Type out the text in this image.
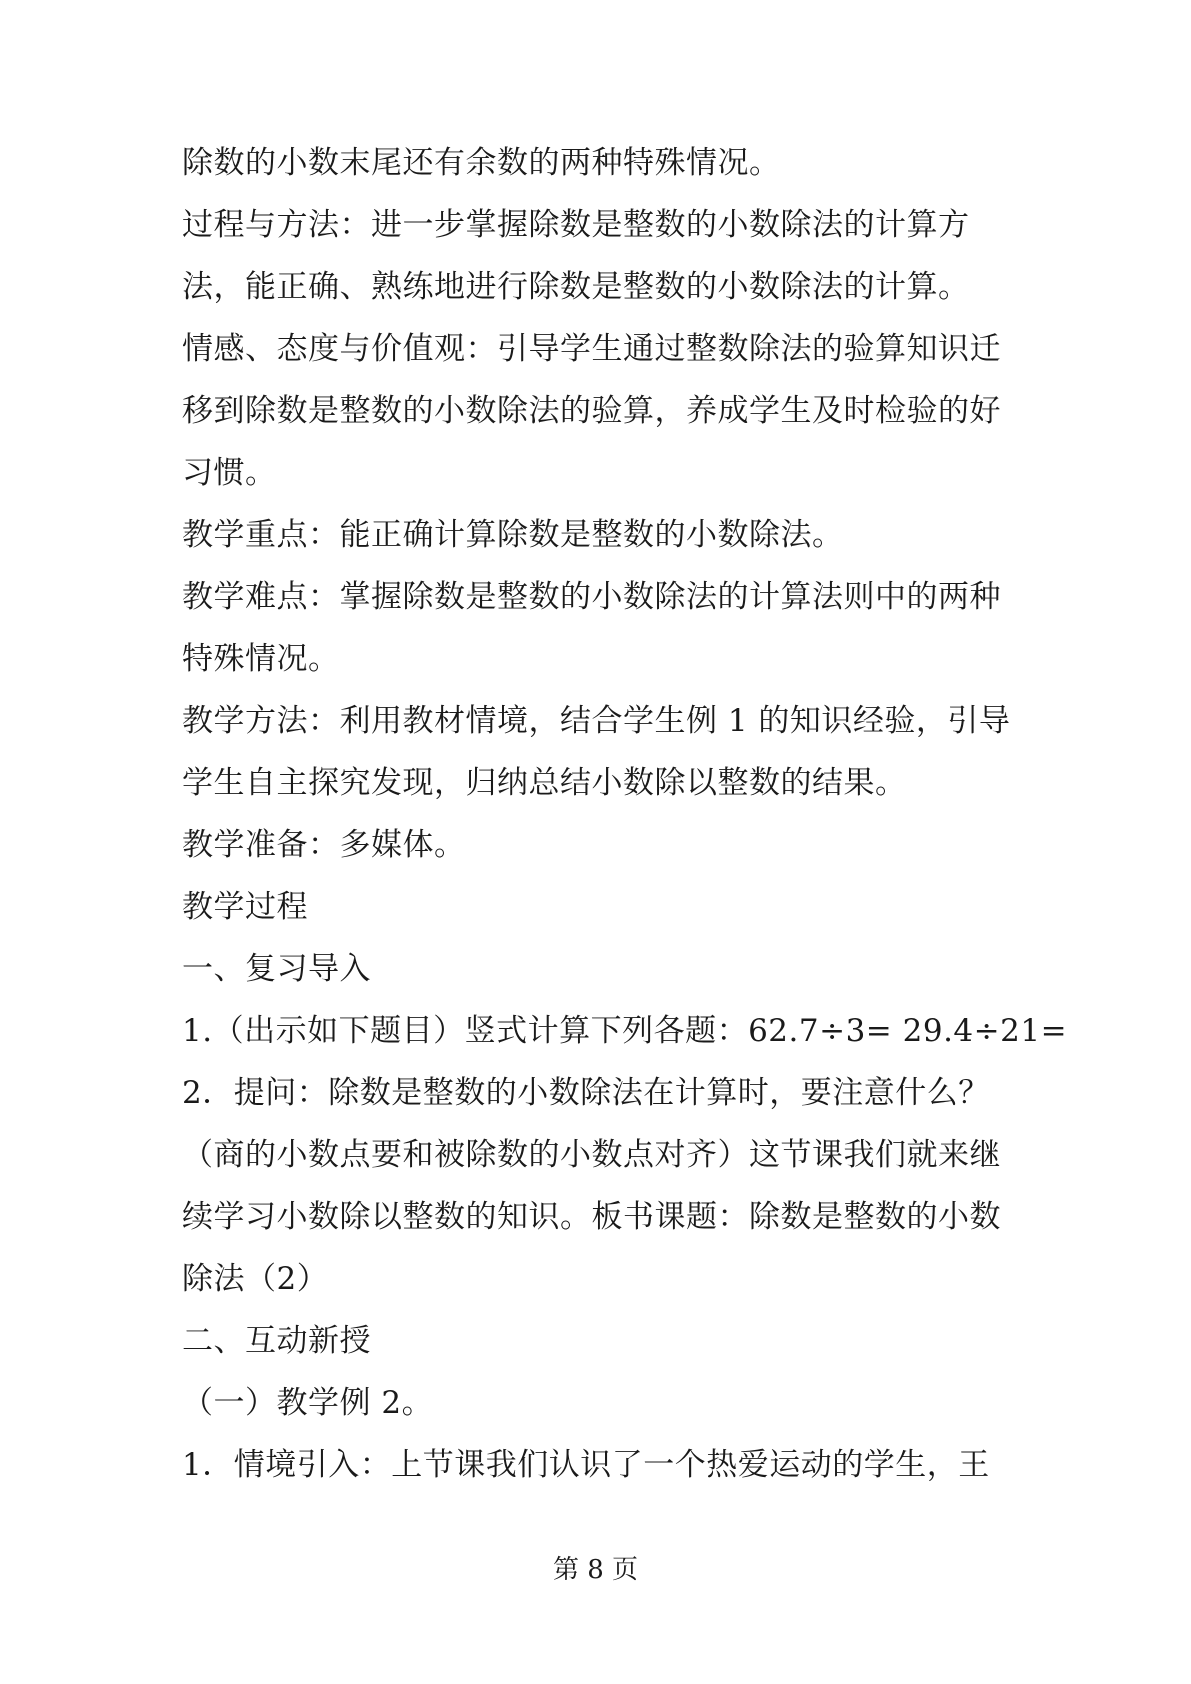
除数的小数末尾还有余数的两种特殊情况。
过程与方法：进一步掌握除数是整数的小数除法的计算方
法，能正确、熟练地进行除数是整数的小数除法的计算。
情感、态度与价值观：引导学生通过整数除法的验算知识迁
移到除数是整数的小数除法的验算，养成学生及时检验的好
习惯。
教学重点：能正确计算除数是整数的小数除法。
教学难点：掌握除数是整数的小数除法的计算法则中的两种
特殊情况。
教学方法：利用教材情境，结合学生例 1 的知识经验，引导
学生自主探究发现，归纳总结小数除以整数的结果。
教学准备：多媒体。
教学过程
一、复习导入
1.（出示如下题目）竖式计算下列各题：62.7÷3= 29.4÷21=
2．提问：除数是整数的小数除法在计算时，要注意什么？
（商的小数点要和被除数的小数点对齐）这节课我们就来继
续学习小数除以整数的知识。板书课题：除数是整数的小数
除法（2）
二、互动新授
（一）教学例 2。
1．情境引入：上节课我们认识了一个热爱运动的学生，王
第 8 页
